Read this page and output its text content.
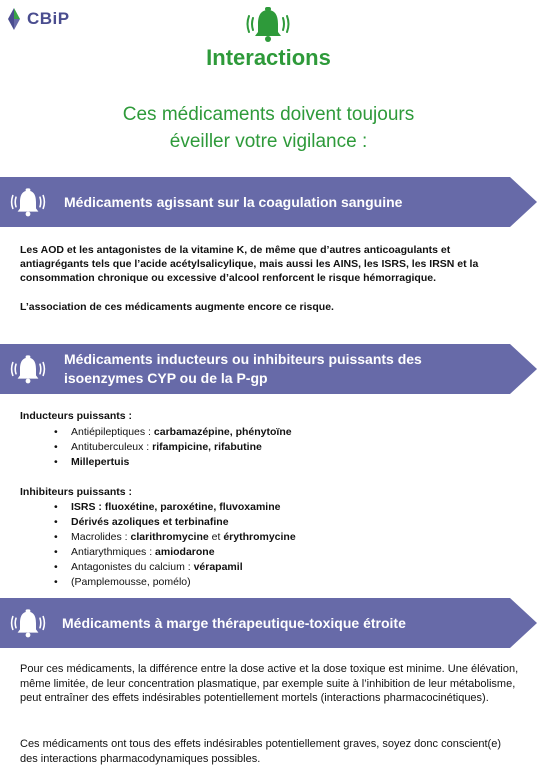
CBiP
Interactions
Ces médicaments doivent toujours
éveiller votre vigilance :
Médicaments agissant sur la coagulation sanguine
Les AOD et les antagonistes de la vitamine K, de même que d’autres anticoagulants et antiagrégants tels que l’acide acétylsalicylique, mais aussi les AINS, les ISRS, les IRSN et la consommation chronique ou excessive d’alcool renforcent le risque hémorragique.
L’association de ces médicaments augmente encore ce risque.
Médicaments inducteurs ou inhibiteurs puissants des
isoenzymes CYP ou de la P-gp
Inducteurs puissants :
• Antiépileptiques : carbamazépine, phénytoïne
• Antituberculeux : rifampicine, rifabutine
• Millepertuis
Inhibiteurs puissants :
• ISRS : fluoxétine, paroxétine, fluvoxamine
• Dérivés azoliques et terbinafine
• Macrolides : clarithromycine et érythromycine
• Antiarythmiques : amiodarone
• Antagonistes du calcium : vérapamil
• (Pamplemousse, pomélo)
Médicaments à marge thérapeutique-toxique étroite
Pour ces médicaments, la différence entre la dose active et la dose toxique est minime. Une élévation, même limitée, de leur concentration plasmatique, par exemple suite à l’inhibition de leur métabolisme, peut entraîner des effets indésirables potentiellement mortels (interactions pharmacocinétiques).
Ces médicaments ont tous des effets indésirables potentiellement graves, soyez donc conscient(e) des interactions pharmacodynamiques possibles.
